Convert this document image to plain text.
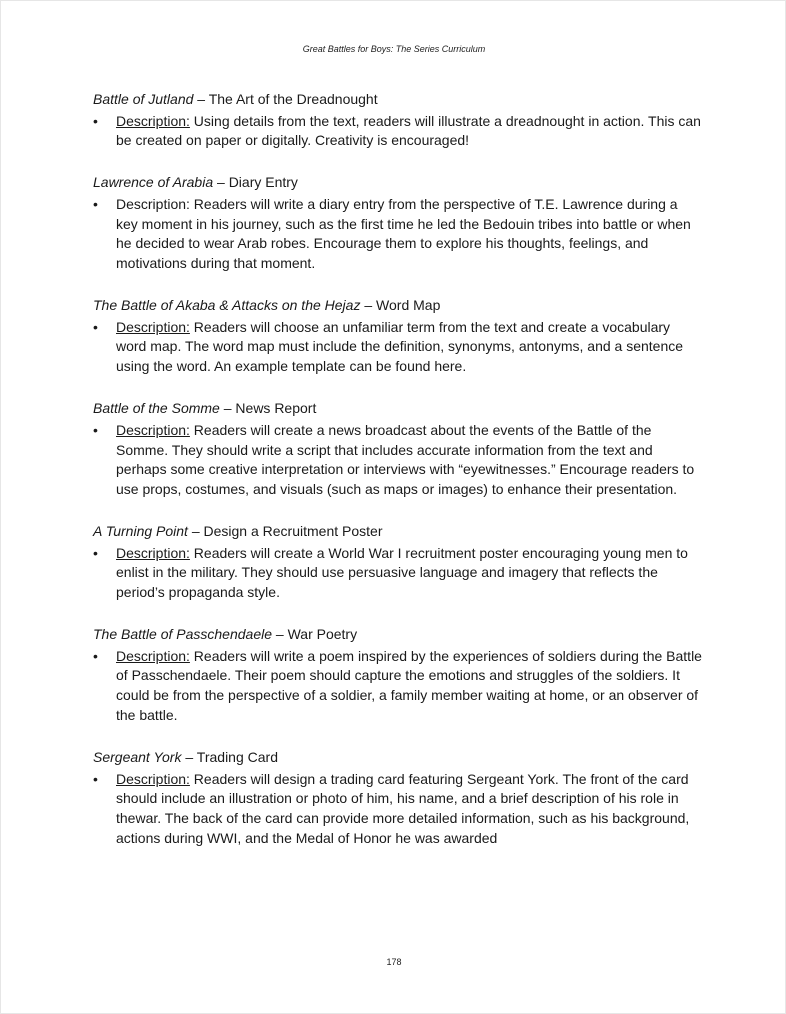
Great Battles for Boys: The Series Curriculum

Battle of Jutland – The Art of the Dreadnought

• Description: Using details from the text, readers will illustrate a dreadnought in action. This can be created on paper or digitally. Creativity is encouraged!

Lawrence of Arabia – Diary Entry

• Description: Readers will write a diary entry from the perspective of T.E. Lawrence during a key moment in his journey, such as the first time he led the Bedouin tribes into battle or when he decided to wear Arab robes. Encourage them to explore his thoughts, feelings, and motivations during that moment.

The Battle of Akaba & Attacks on the Hejaz – Word Map

• Description: Readers will choose an unfamiliar term from the text and create a vocabulary word map. The word map must include the definition, synonyms, antonyms, and a sentence using the word. An example template can be found here.

Battle of the Somme – News Report

• Description: Readers will create a news broadcast about the events of the Battle of the Somme. They should write a script that includes accurate information from the text and perhaps some creative interpretation or interviews with “eyewitnesses.” Encourage readers to use props, costumes, and visuals (such as maps or images) to enhance their presentation.

A Turning Point – Design a Recruitment Poster

• Description: Readers will create a World War I recruitment poster encouraging young men to enlist in the military. They should use persuasive language and imagery that reflects the period’s propaganda style.

The Battle of Passchendaele – War Poetry

• Description: Readers will write a poem inspired by the experiences of soldiers during the Battle of Passchendaele. Their poem should capture the emotions and struggles of the soldiers. It could be from the perspective of a soldier, a family member waiting at home, or an observer of the battle.

Sergeant York – Trading Card

• Description: Readers will design a trading card featuring Sergeant York. The front of the card should include an illustration or photo of him, his name, and a brief description of his role in thewar. The back of the card can provide more detailed information, such as his background, actions during WWI, and the Medal of Honor he was awarded
178
